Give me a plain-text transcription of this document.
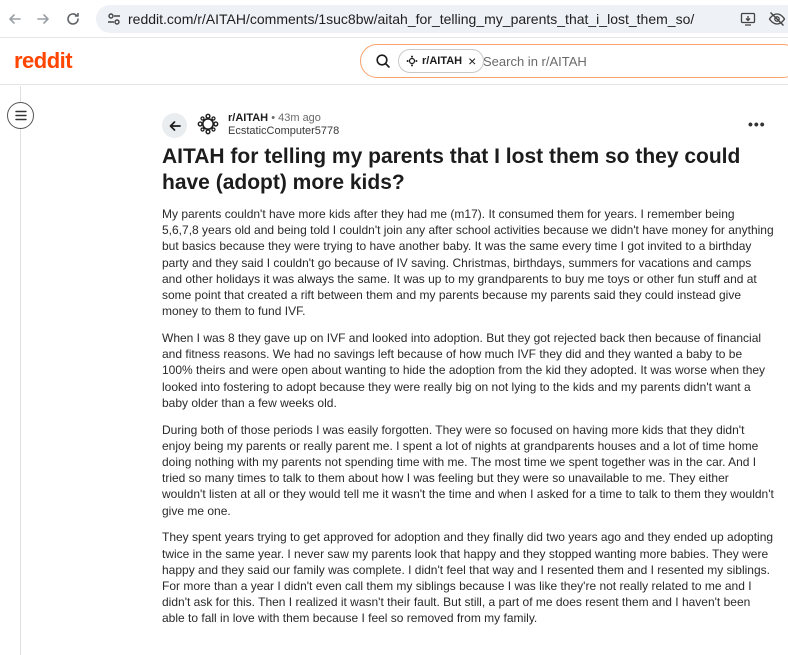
reddit.com/r/AITAH/comments/1suc8bw/aitah_for_telling_my_parents_that_i_lost_them_so/
reddit	r/AITAH × Search in r/AITAH
r/AITAH • 43m ago
EcstaticComputer5778	•••
AITAH for telling my parents that I lost them so they could have (adopt) more kids?

My parents couldn't have more kids after they had me (m17). It consumed them for years. I remember being 5,6,7,8 years old and being told I couldn't join any after school activities because we didn't have money for anything but basics because they were trying to have another baby. It was the same every time I got invited to a birthday party and they said I couldn't go because of IV saving. Christmas, birthdays, summers for vacations and camps and other holidays it was always the same. It was up to my grandparents to buy me toys or other fun stuff and at some point that created a rift between them and my parents because my parents said they could instead give money to them to fund IVF.

When I was 8 they gave up on IVF and looked into adoption. But they got rejected back then because of financial and fitness reasons. We had no savings left because of how much IVF they did and they wanted a baby to be 100% theirs and were open about wanting to hide the adoption from the kid they adopted. It was worse when they looked into fostering to adopt because they were really big on not lying to the kids and my parents didn't want a baby older than a few weeks old.

During both of those periods I was easily forgotten. They were so focused on having more kids that they didn't enjoy being my parents or really parent me. I spent a lot of nights at grandparents houses and a lot of time home doing nothing with my parents not spending time with me. The most time we spent together was in the car. And I tried so many times to talk to them about how I was feeling but they were so unavailable to me. They either wouldn't listen at all or they would tell me it wasn't the time and when I asked for a time to talk to them they wouldn't give me one.

They spent years trying to get approved for adoption and they finally did two years ago and they ended up adopting twice in the same year. I never saw my parents look that happy and they stopped wanting more babies. They were happy and they said our family was complete. I didn't feel that way and I resented them and I resented my siblings. For more than a year I didn't even call them my siblings because I was like they're not really related to me and I didn't ask for this. Then I realized it wasn't their fault. But still, a part of me does resent them and I haven't been able to fall in love with them because I feel so removed from my family.
